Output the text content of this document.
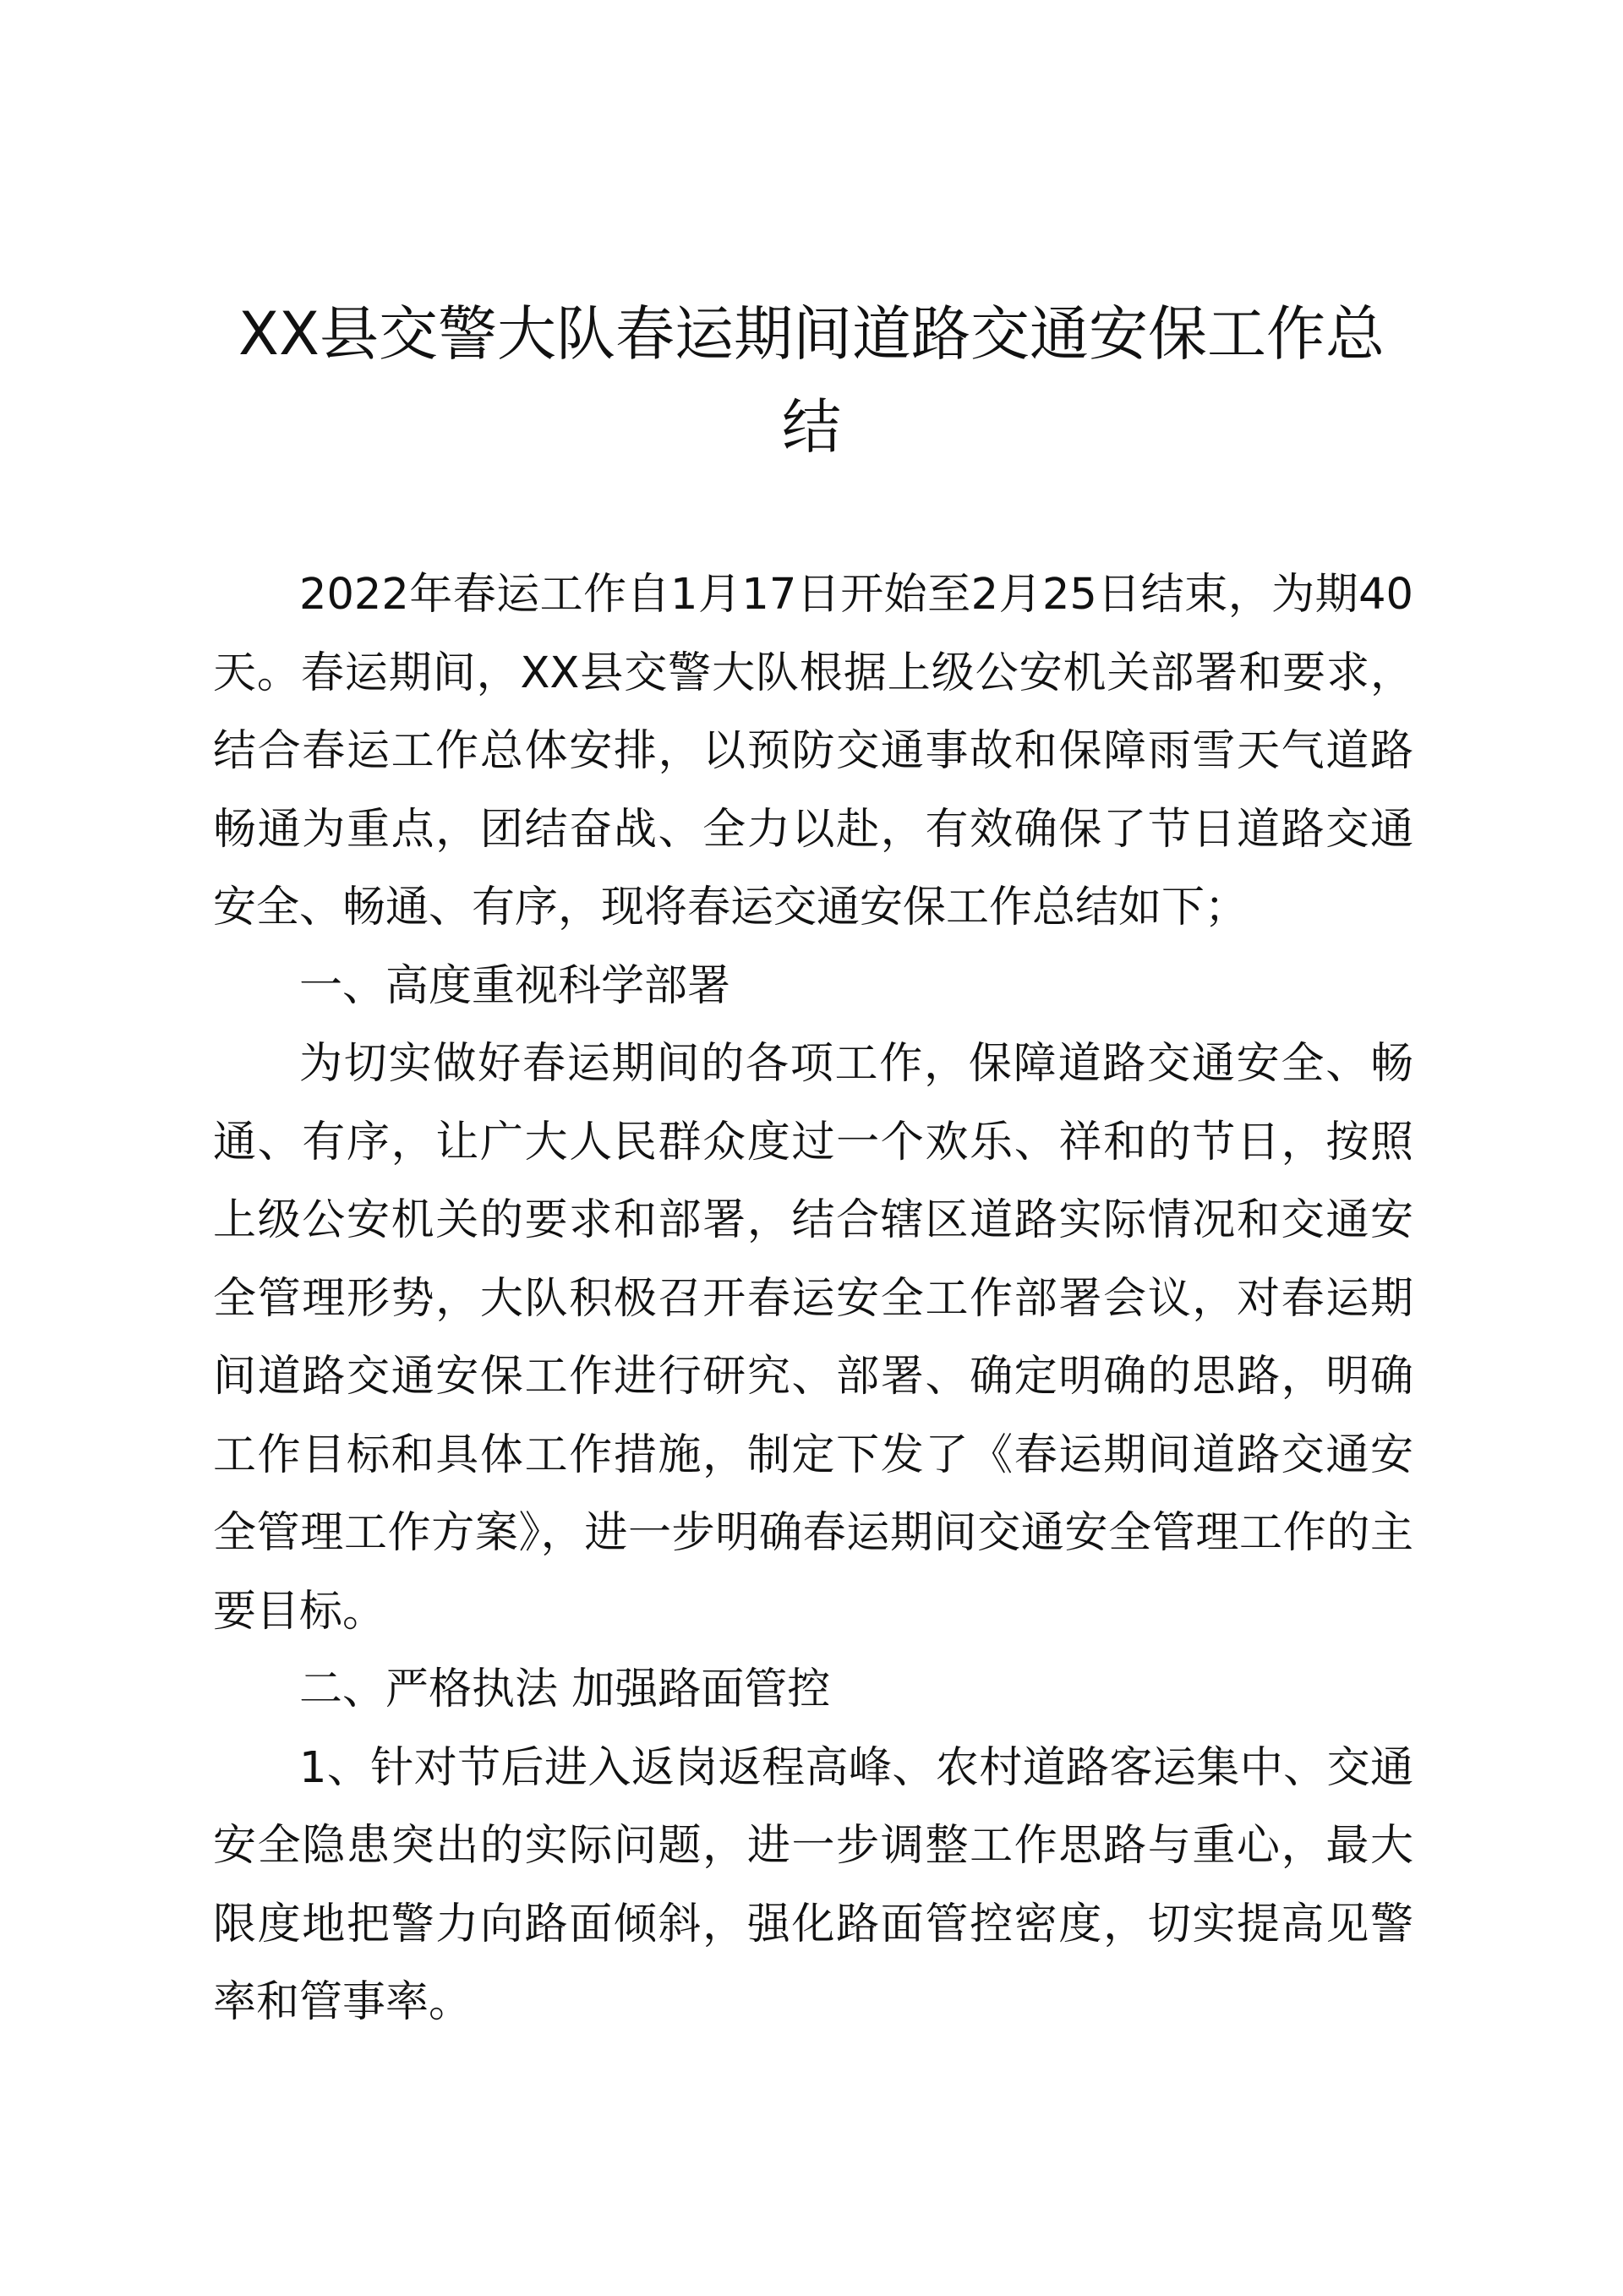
XX县交警大队春运期间道路交通安保工作总结

2022年春运工作自1月17日开始至2月25日结束，为期40天。春运期间，XX县交警大队根据上级公安机关部署和要求，结合春运工作总体安排，以预防交通事故和保障雨雪天气道路畅通为重点，团结奋战、全力以赴，有效确保了节日道路交通安全、畅通、有序，现将春运交通安保工作总结如下；

一、高度重视科学部署

为切实做好春运期间的各项工作，保障道路交通安全、畅通、有序，让广大人民群众度过一个欢乐、祥和的节日，按照上级公安机关的要求和部署，结合辖区道路实际情况和交通安全管理形势，大队积极召开春运安全工作部署会议，对春运期间道路交通安保工作进行研究、部署、确定明确的思路，明确工作目标和具体工作措施，制定下发了《春运期间道路交通安全管理工作方案》，进一步明确春运期间交通安全管理工作的主要目标。

二、严格执法 加强路面管控

1、针对节后进入返岗返程高峰、农村道路客运集中、交通安全隐患突出的实际问题，进一步调整工作思路与重心，最大限度地把警力向路面倾斜，强化路面管控密度，切实提高见警率和管事率。
